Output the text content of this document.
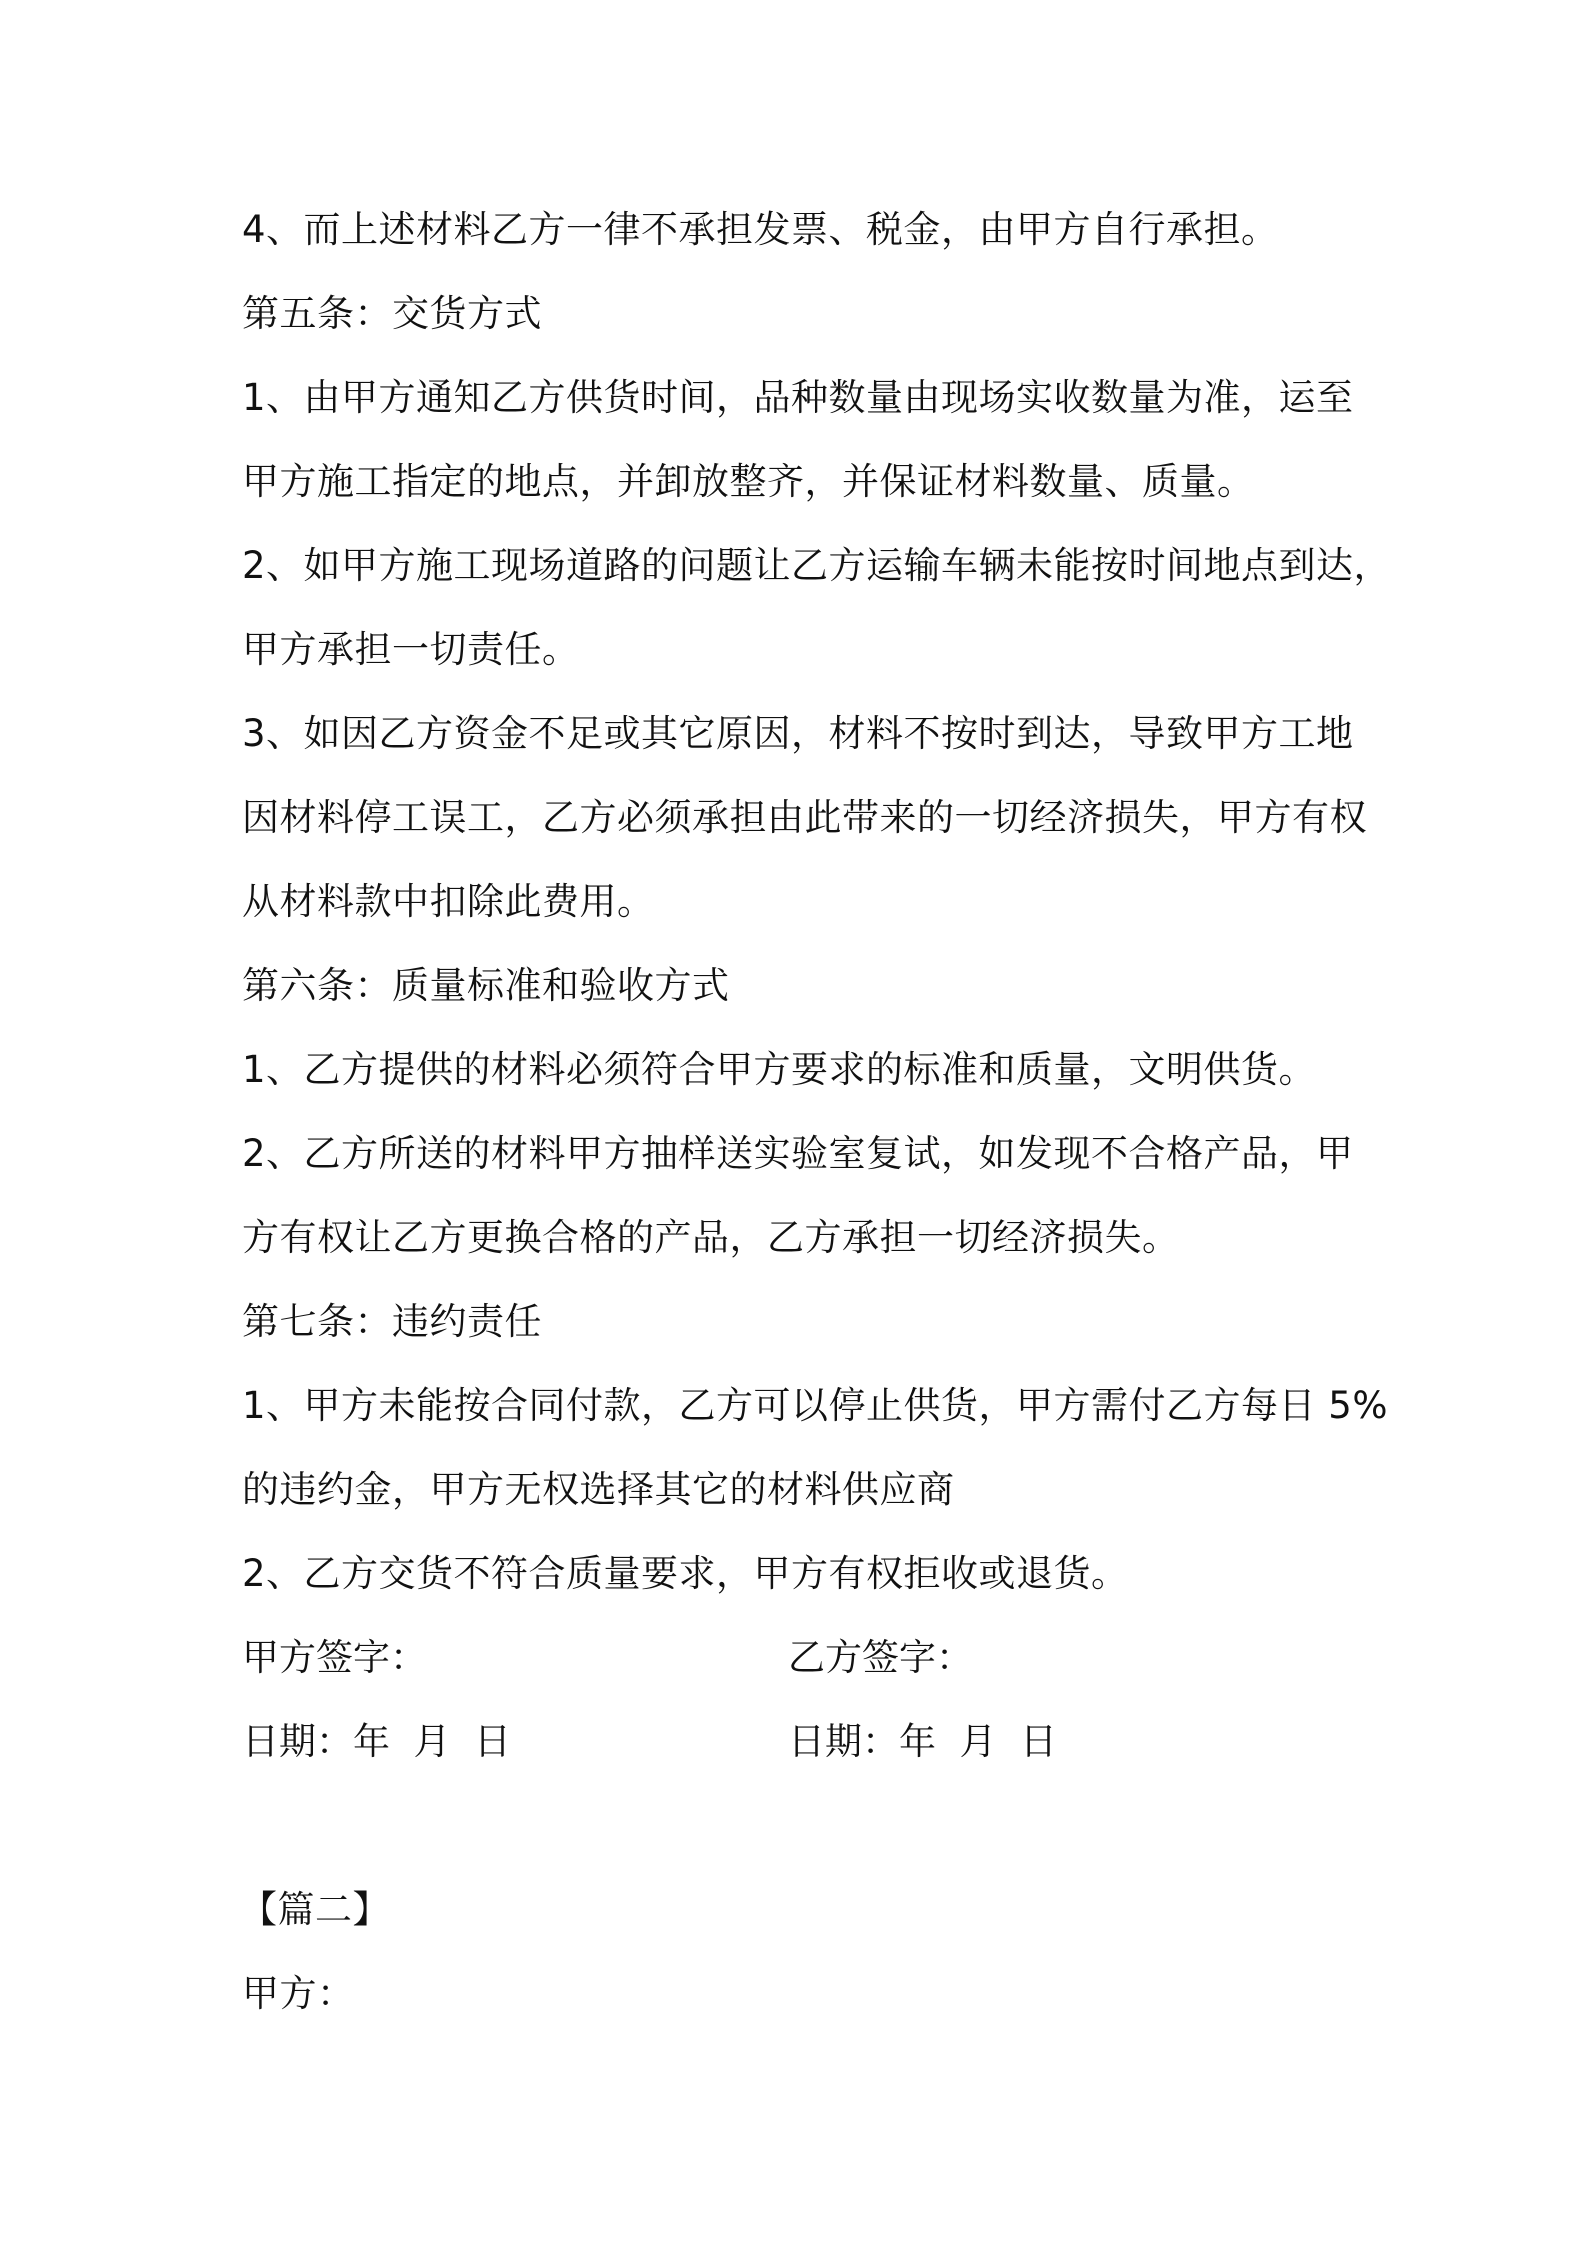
4、而上述材料乙方一律不承担发票、税金，由甲方自行承担。
第五条：交货方式
1、由甲方通知乙方供货时间，品种数量由现场实收数量为准，运至
甲方施工指定的地点，并卸放整齐，并保证材料数量、质量。
2、如甲方施工现场道路的问题让乙方运输车辆未能按时间地点到达，
甲方承担一切责任。
3、如因乙方资金不足或其它原因，材料不按时到达，导致甲方工地
因材料停工误工，乙方必须承担由此带来的一切经济损失，甲方有权
从材料款中扣除此费用。
第六条：质量标准和验收方式
1、乙方提供的材料必须符合甲方要求的标准和质量，文明供货。
2、乙方所送的材料甲方抽样送实验室复试，如发现不合格产品，甲
方有权让乙方更换合格的产品，乙方承担一切经济损失。
第七条：违约责任
1、甲方未能按合同付款，乙方可以停止供货，甲方需付乙方每日 5%
的违约金，甲方无权选择其它的材料供应商
2、乙方交货不符合质量要求，甲方有权拒收或退货。
甲方签字：	乙方签字：
日期：年  月  日	日期：年  月  日
【篇二】
甲方：
